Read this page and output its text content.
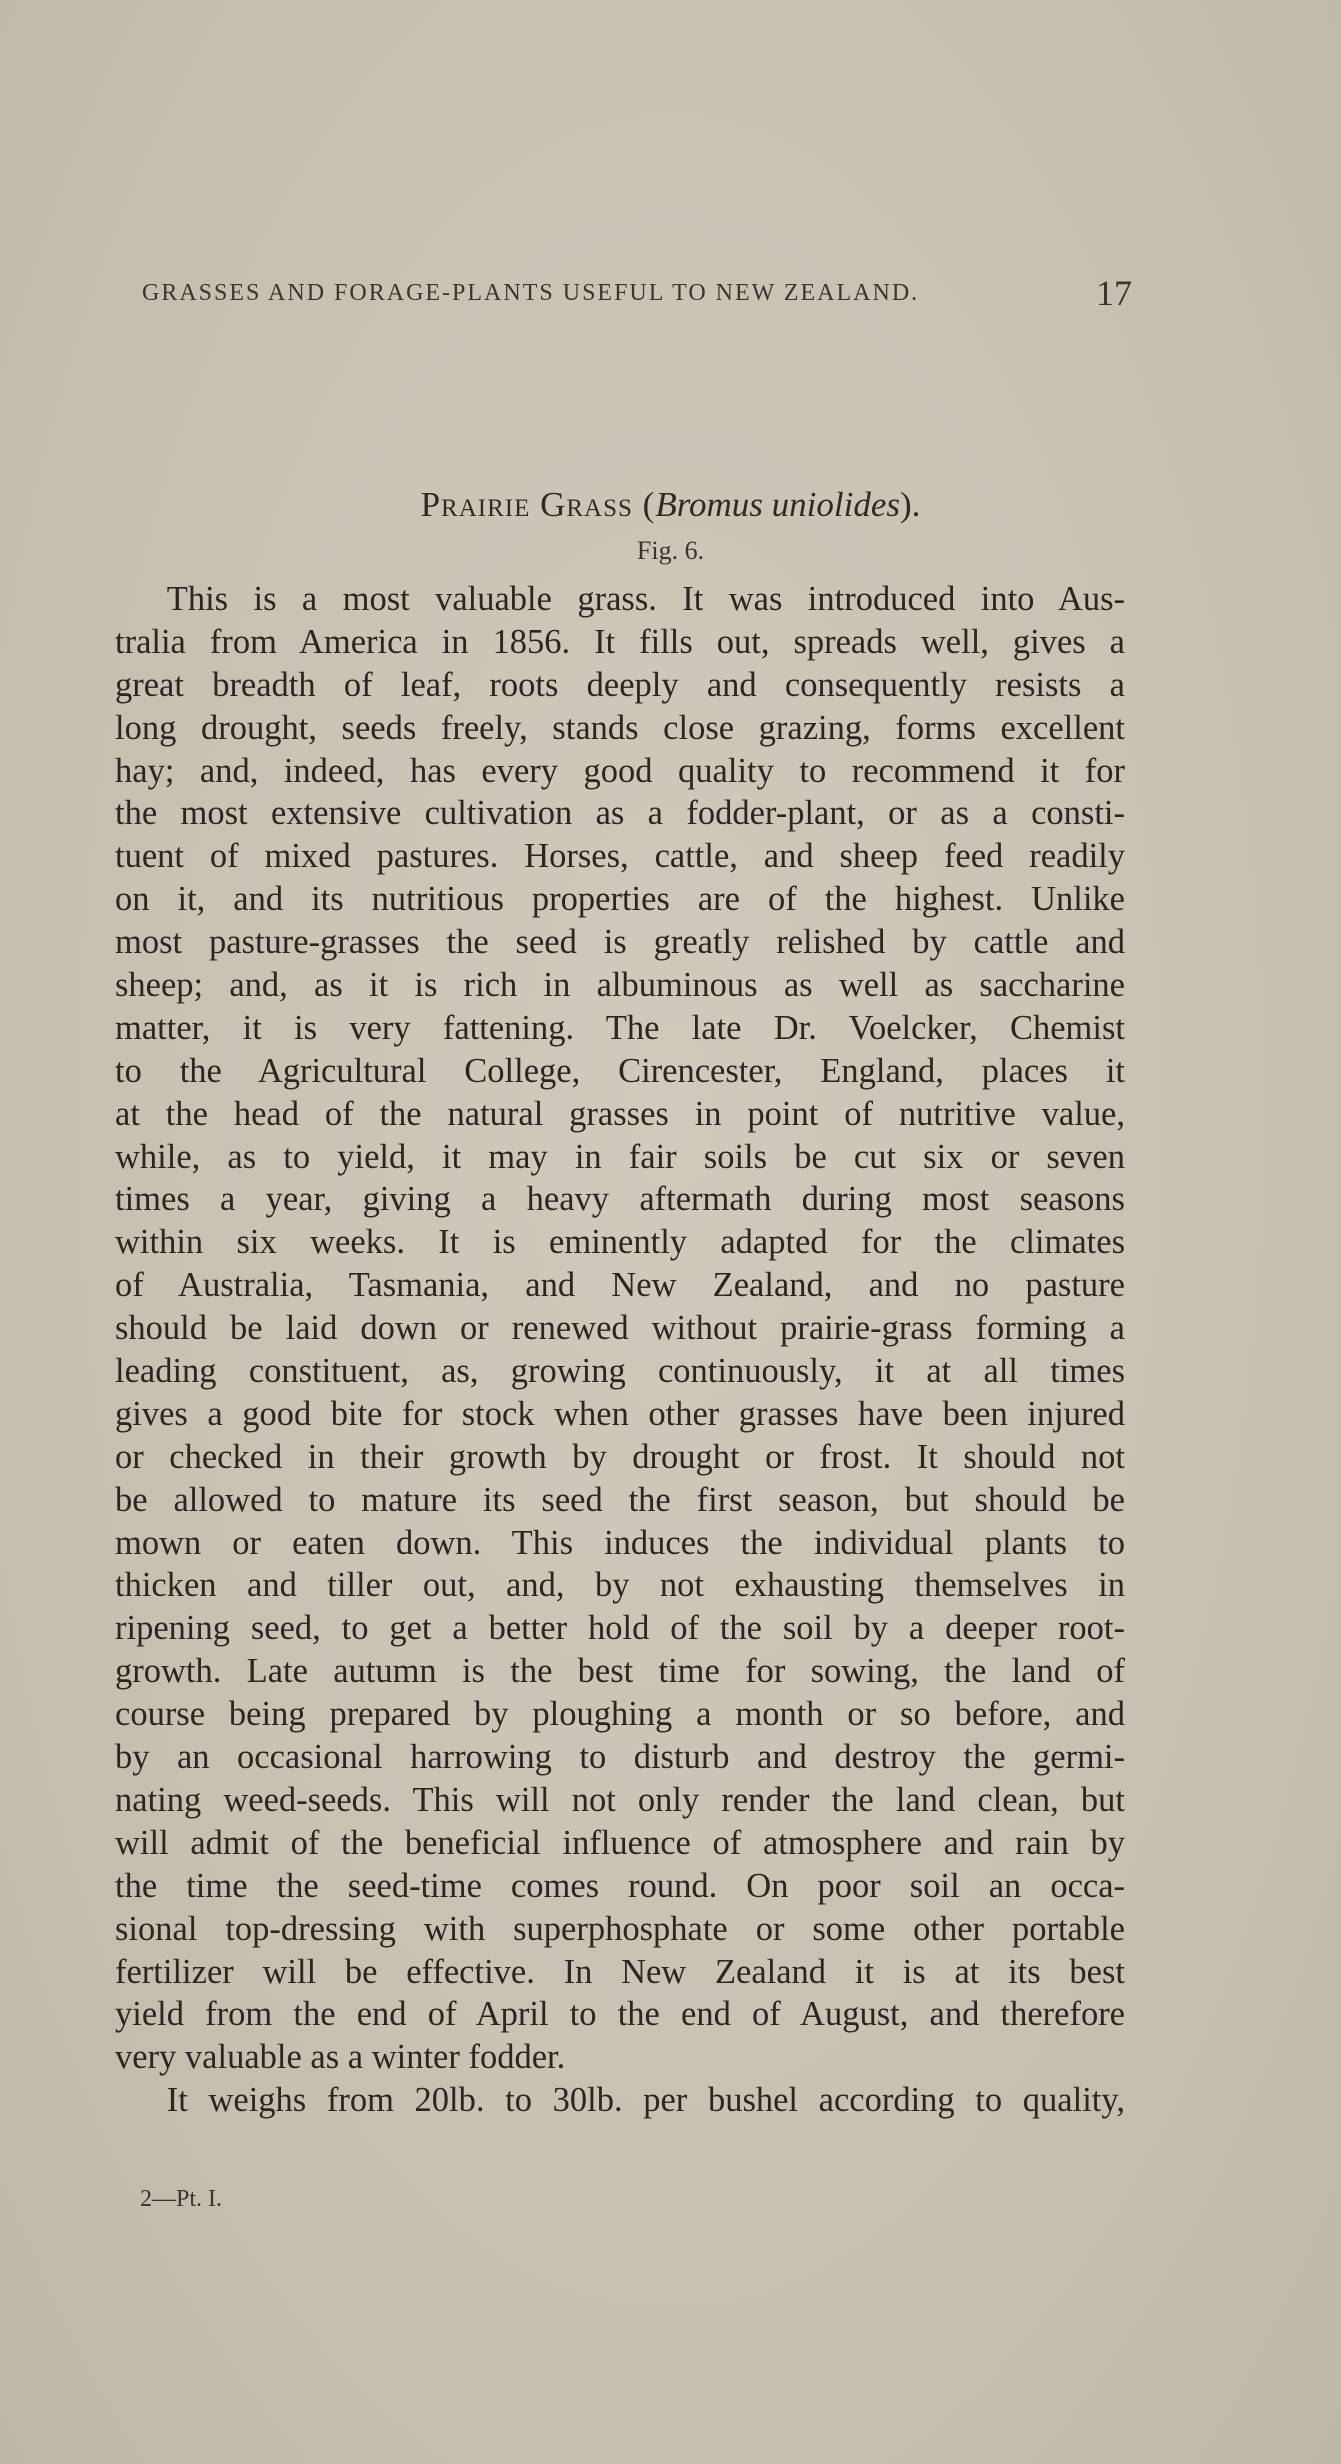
GRASSES AND FORAGE-PLANTS USEFUL TO NEW ZEALAND.	17
Prairie Grass (Bromus uniolides).
Fig. 6.
  This is a most valuable grass. It was introduced into Aus-
tralia from America in 1856. It fills out, spreads well, gives a
great breadth of leaf, roots deeply and consequently resists a
long drought, seeds freely, stands close grazing, forms excellent
hay; and, indeed, has every good quality to recommend it for
the most extensive cultivation as a fodder-plant, or as a consti-
tuent of mixed pastures. Horses, cattle, and sheep feed readily
on it, and its nutritious properties are of the highest. Unlike
most pasture-grasses the seed is greatly relished by cattle and
sheep; and, as it is rich in albuminous as well as saccharine
matter, it is very fattening. The late Dr. Voelcker, Chemist
to the Agricultural College, Cirencester, England, places it
at the head of the natural grasses in point of nutritive value,
while, as to yield, it may in fair soils be cut six or seven
times a year, giving a heavy aftermath during most seasons
within six weeks. It is eminently adapted for the climates
of Australia, Tasmania, and New Zealand, and no pasture
should be laid down or renewed without prairie-grass forming a
leading constituent, as, growing continuously, it at all times
gives a good bite for stock when other grasses have been injured
or checked in their growth by drought or frost. It should not
be allowed to mature its seed the first season, but should be
mown or eaten down. This induces the individual plants to
thicken and tiller out, and, by not exhausting themselves in
ripening seed, to get a better hold of the soil by a deeper root-
growth. Late autumn is the best time for sowing, the land of
course being prepared by ploughing a month or so before, and
by an occasional harrowing to disturb and destroy the germi-
nating weed-seeds. This will not only render the land clean, but
will admit of the beneficial influence of atmosphere and rain by
the time the seed-time comes round. On poor soil an occa-
sional top-dressing with superphosphate or some other portable
fertilizer will be effective. In New Zealand it is at its best
yield from the end of April to the end of August, and therefore
very valuable as a winter fodder.
  It weighs from 20lb. to 30lb. per bushel according to quality,
2—Pt. I.
